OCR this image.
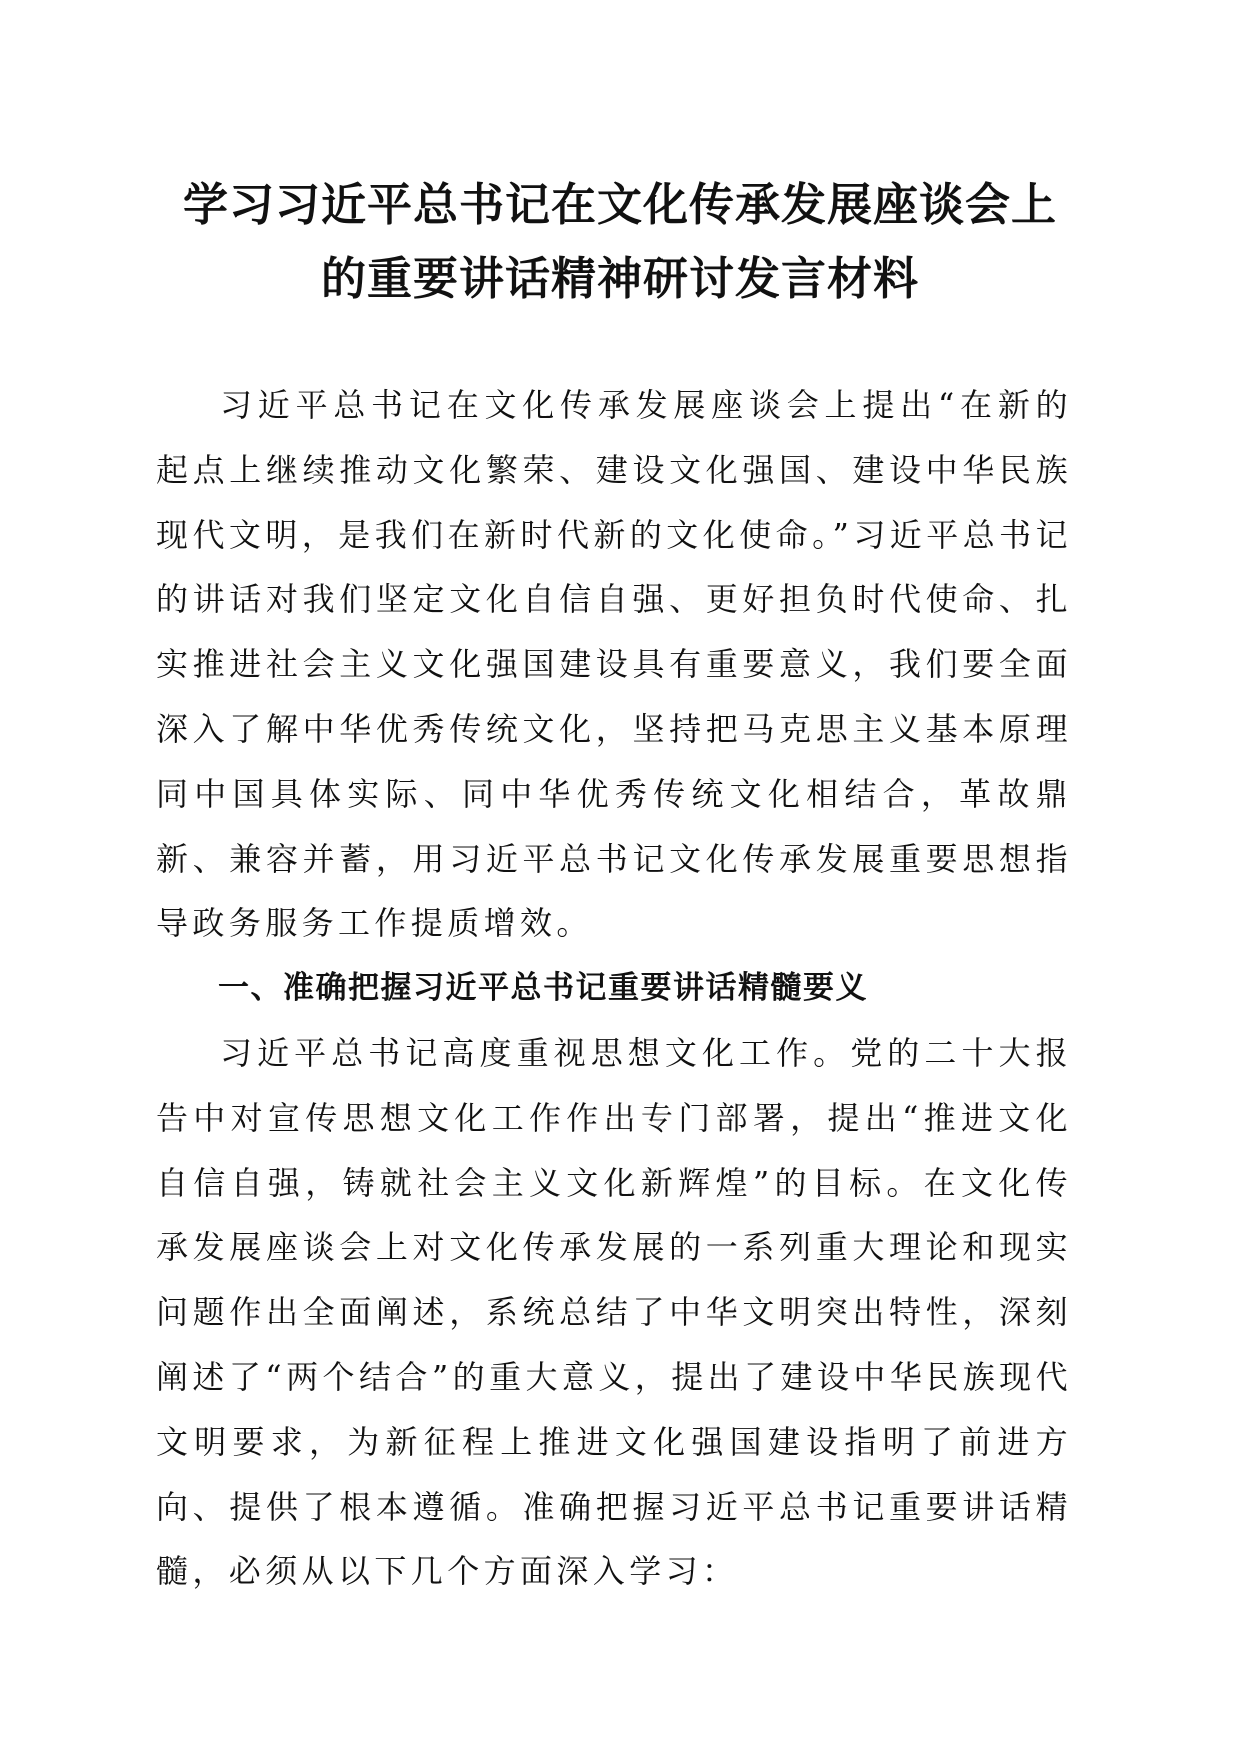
学习习近平总书记在文化传承发展座谈会上
的重要讲话精神研讨发言材料

习近平总书记在文化传承发展座谈会上提出“在新的起点上继续推动文化繁荣、建设文化强国、建设中华民族现代文明，是我们在新时代新的文化使命。”习近平总书记的讲话对我们坚定文化自信自强、更好担负时代使命、扎实推进社会主义文化强国建设具有重要意义，我们要全面深入了解中华优秀传统文化，坚持把马克思主义基本原理同中国具体实际、同中华优秀传统文化相结合，革故鼎新、兼容并蓄，用习近平总书记文化传承发展重要思想指导政务服务工作提质增效。

一、准确把握习近平总书记重要讲话精髓要义

习近平总书记高度重视思想文化工作。党的二十大报告中对宣传思想文化工作作出专门部署，提出“推进文化自信自强，铸就社会主义文化新辉煌”的目标。在文化传承发展座谈会上对文化传承发展的一系列重大理论和现实问题作出全面阐述，系统总结了中华文明突出特性，深刻阐述了“两个结合”的重大意义，提出了建设中华民族现代文明要求，为新征程上推进文化强国建设指明了前进方向、提供了根本遵循。准确把握习近平总书记重要讲话精髓，必须从以下几个方面深入学习：
